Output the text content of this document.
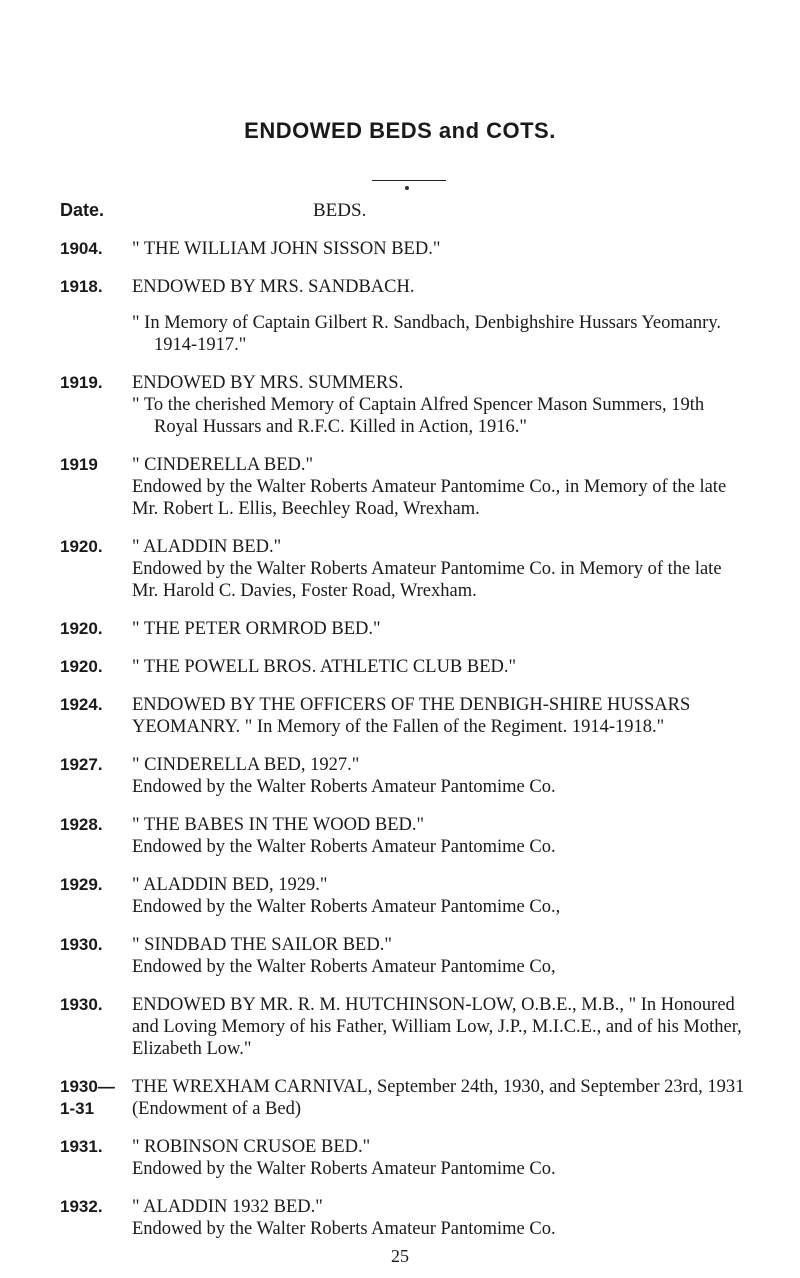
ENDOWED BEDS and COTS.
Date.	BEDS.
1904. " THE WILLIAM JOHN SISSON BED."

1918. ENDOWED BY MRS. SANDBACH.

" In Memory of Captain Gilbert R. Sandbach, Denbighshire Hussars Yeomanry. 1914-1917."

1919. ENDOWED BY MRS. SUMMERS.

" To the cherished Memory of Captain Alfred Spencer Mason Summers, 19th Royal Hussars and R.F.C. Killed in Action, 1916."

1919 " CINDERELLA BED."

Endowed by the Walter Roberts Amateur Pantomime Co., in Memory of the late Mr. Robert L. Ellis, Beechley Road, Wrexham.

1920. " ALADDIN BED."

Endowed by the Walter Roberts Amateur Pantomime Co. in Memory of the late Mr. Harold C. Davies, Foster Road, Wrexham.

1920. " THE PETER ORMROD BED."

1920. " THE POWELL BROS. ATHLETIC CLUB BED."

1924. ENDOWED BY THE OFFICERS OF THE DENBIGH-SHIRE HUSSARS YEOMANRY. " In Memory of the Fallen of the Regiment. 1914-1918."

1927. " CINDERELLA BED, 1927."

Endowed by the Walter Roberts Amateur Pantomime Co.

1928. " THE BABES IN THE WOOD BED."

Endowed by the Walter Roberts Amateur Pantomime Co.

1929. " ALADDIN BED, 1929."

Endowed by the Walter Roberts Amateur Pantomime Co.,

1930. " SINDBAD THE SAILOR BED."

Endowed by the Walter Roberts Amateur Pantomime Co,

1930. ENDOWED BY MR. R. M. HUTCHINSON-LOW, O.B.E., M.B., " In Honoured and Loving Memory of his Father, William Low, J.P., M.I.C.E., and of his Mother, Elizabeth Low."

1930—
1-31

THE WREXHAM CARNIVAL, September 24th, 1930, and September 23rd, 1931 (Endowment of a Bed)

1931. " ROBINSON CRUSOE BED."

Endowed by the Walter Roberts Amateur Pantomime Co.

1932. " ALADDIN 1932 BED."

Endowed by the Walter Roberts Amateur Pantomime Co.

25
